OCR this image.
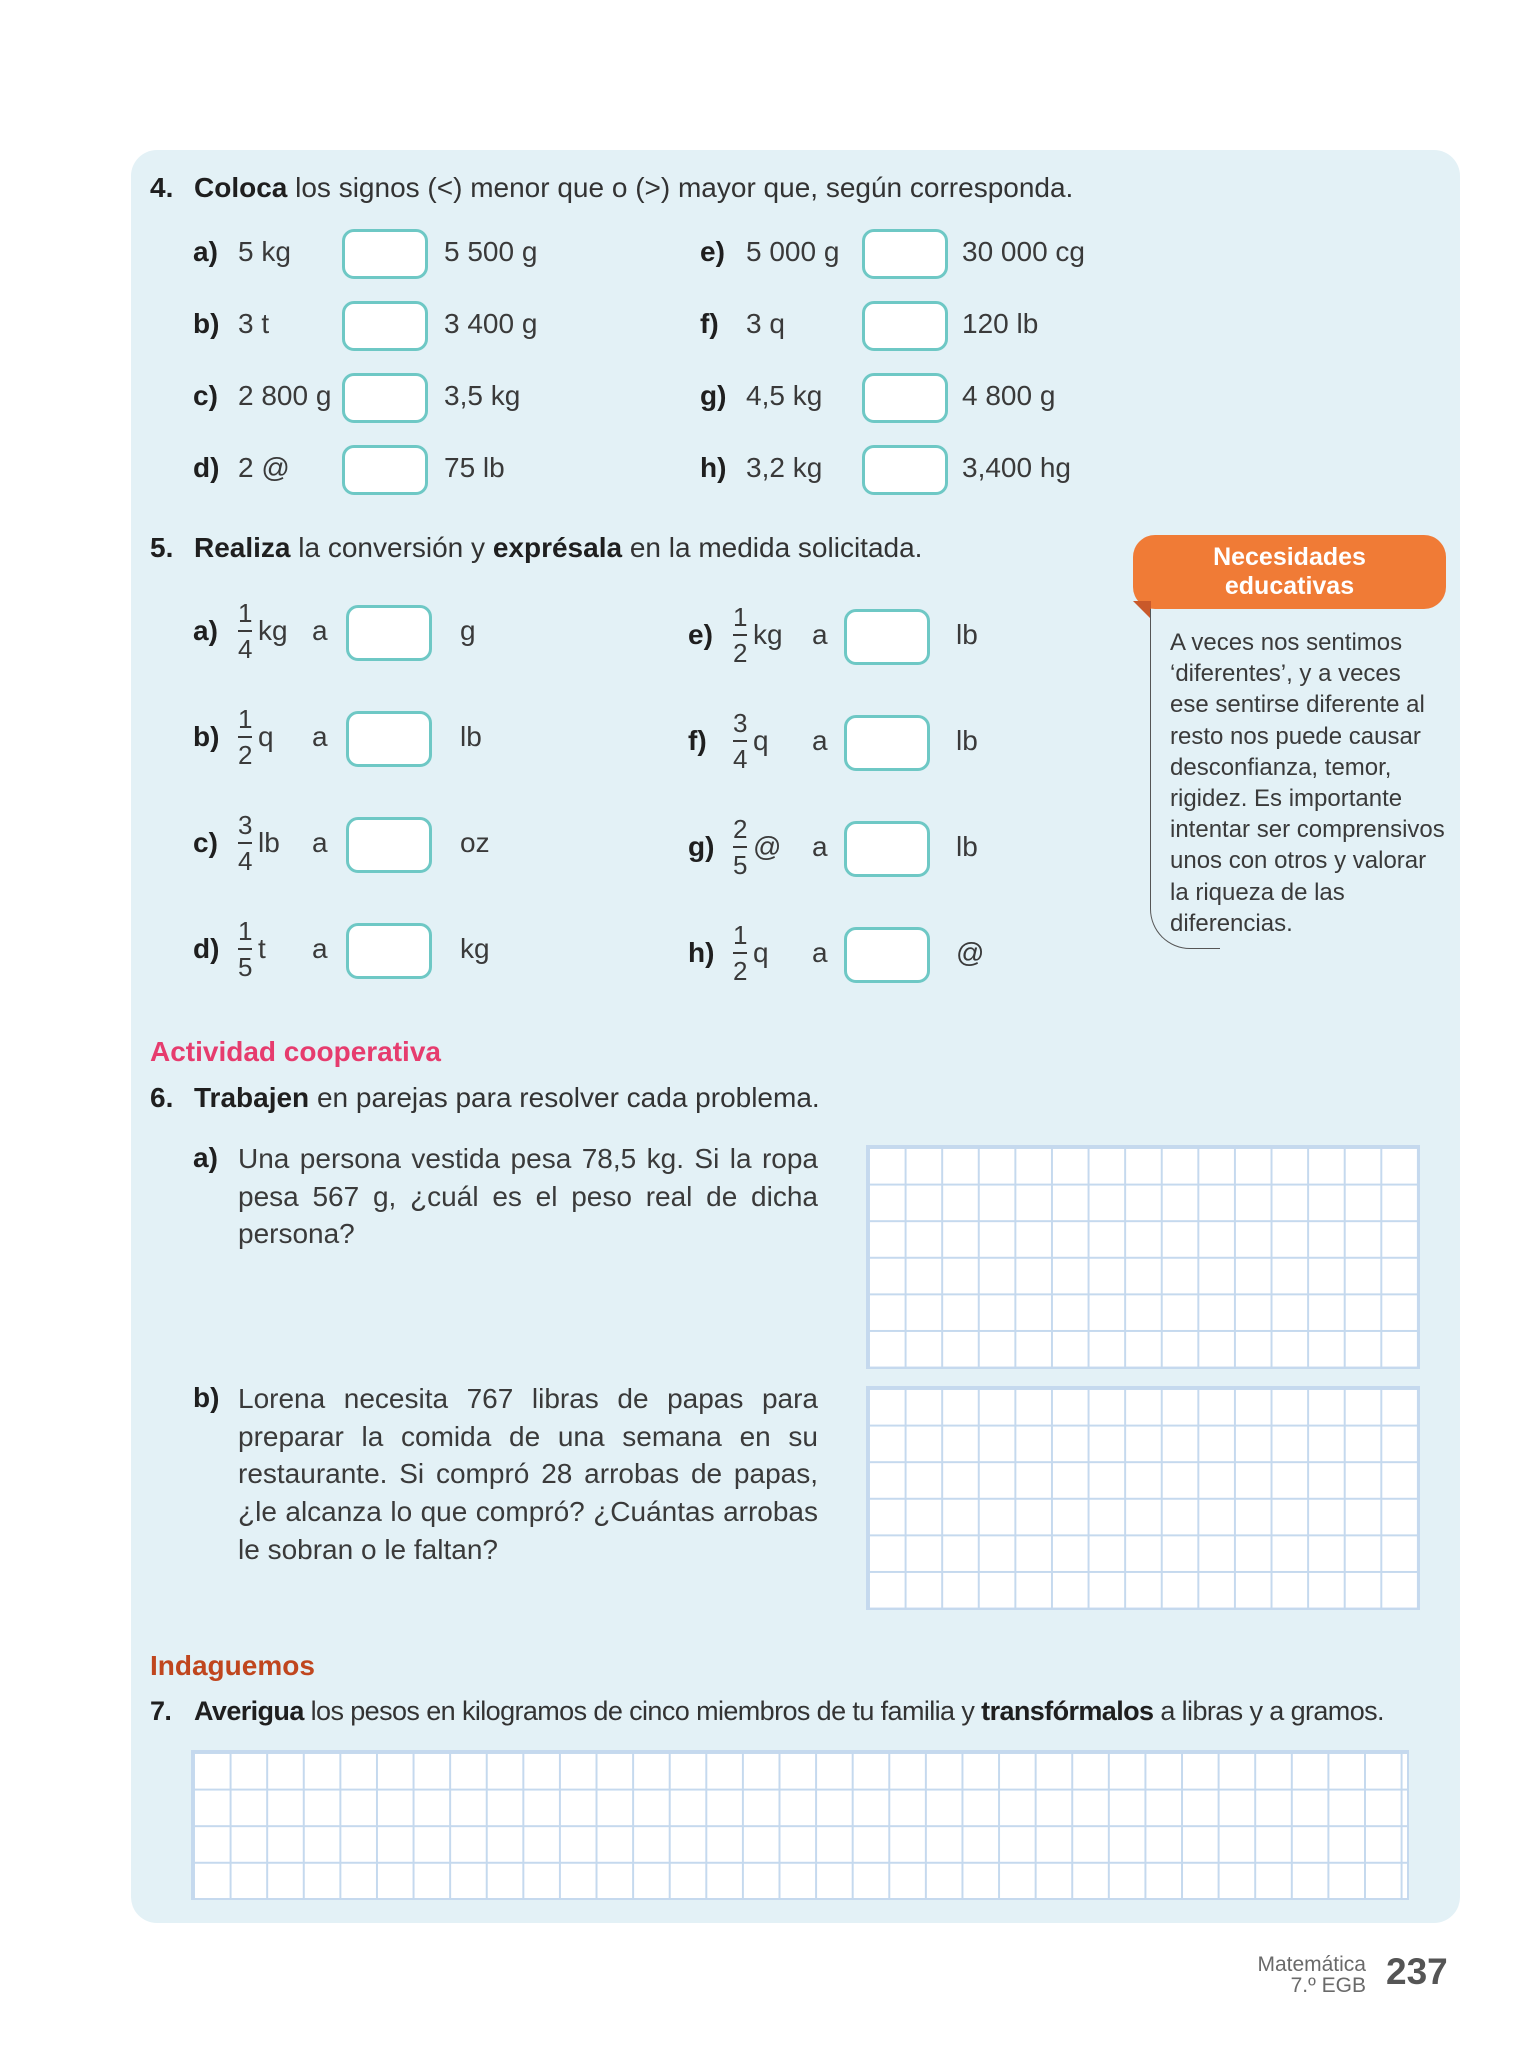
4. Coloca los signos (<) menor que o (>) mayor que, según corresponda.
a) 5 kg	5 500 g
b) 3 t	3 400 g
c) 2 800 g	3,5 kg
d) 2 @	75 lb
e) 5 000 g	30 000 cg
f) 3 q	120 lb
g) 4,5 kg	4 800 g
h) 3,2 kg	3,400 hg
5. Realiza la conversión y exprésala en la medida solicitada.
a)
1
4
kg a	g
b)
1
2
q a	lb
c)
3
4
lb a	oz
d)
1
5
t a	kg
e)
1
2
kg a	lb
f)
3
4
q a	lb
g)
2
5
@ a	lb
h)
1
2
q a	@
Necesidades
educativas
A veces nos sentimos ‘diferentes’, y a veces ese sentirse diferente al resto nos puede causar desconfianza, temor, rigidez. Es importante intentar ser comprensivos unos con otros y valorar la riqueza de las diferencias.
Actividad cooperativa
6. Trabajen en parejas para resolver cada problema.
a) Una persona vestida pesa 78,5 kg. Si la ropa pesa 567 g, ¿cuál es el peso real de dicha persona?
b) Lorena necesita 767 libras de papas para preparar la comida de una semana en su restaurante. Si compró 28 arrobas de papas, ¿le alcanza lo que compró? ¿Cuántas arrobas le sobran o le faltan?
Indaguemos
7. Averigua los pesos en kilogramos de cinco miembros de tu familia y transfórmalos a libras y a gramos.
Matemática
7.º EGB 237
